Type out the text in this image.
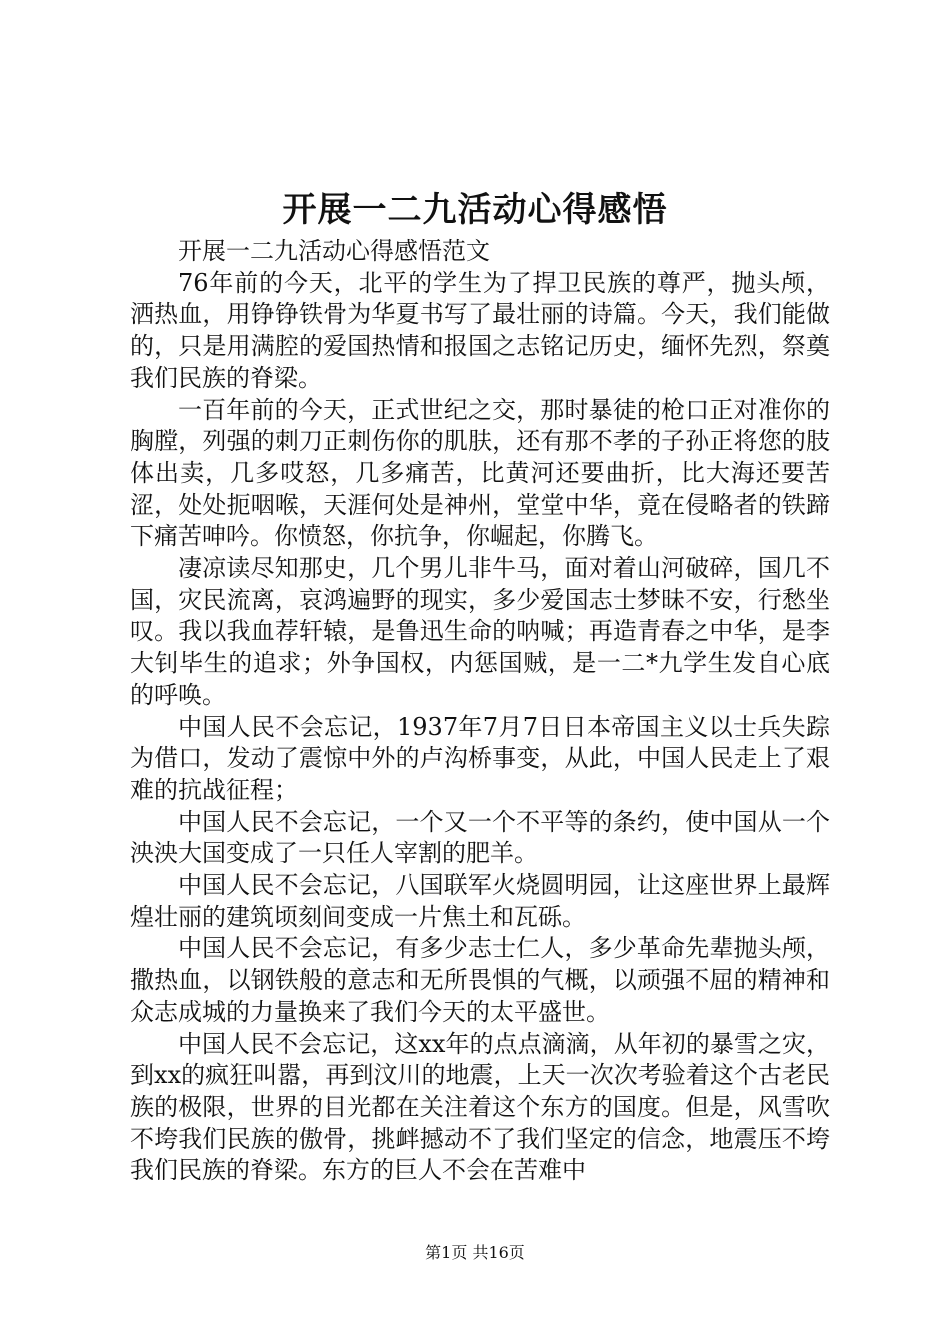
开展一二九活动心得感悟

开展一二九活动心得感悟范文

76年前的今天，北平的学生为了捍卫民族的尊严，抛头颅，洒热血，用铮铮铁骨为华夏书写了最壮丽的诗篇。今天，我们能做的，只是用满腔的爱国热情和报国之志铭记历史，缅怀先烈，祭奠我们民族的脊梁。

一百年前的今天，正式世纪之交，那时暴徒的枪口正对准你的胸膛，列强的刺刀正刺伤你的肌肤，还有那不孝的子孙正将您的肢体出卖，几多哎怒，几多痛苦，比黄河还要曲折，比大海还要苦涩，处处扼咽喉，天涯何处是神州，堂堂中华，竟在侵略者的铁蹄下痛苦呻吟。你愤怒，你抗争，你崛起，你腾飞。

凄凉读尽知那史，几个男儿非牛马，面对着山河破碎，国几不国，灾民流离，哀鸿遍野的现实，多少爱国志士梦昧不安，行愁坐叹。我以我血荐轩辕，是鲁迅生命的呐喊；再造青春之中华，是李大钊毕生的追求；外争国权，内惩国贼，是一二*九学生发自心底的呼唤。

中国人民不会忘记，1937年7月7日日本帝国主义以士兵失踪为借口，发动了震惊中外的卢沟桥事变，从此，中国人民走上了艰难的抗战征程；

中国人民不会忘记，一个又一个不平等的条约，使中国从一个泱泱大国变成了一只任人宰割的肥羊。

中国人民不会忘记，八国联军火烧圆明园，让这座世界上最辉煌壮丽的建筑顷刻间变成一片焦土和瓦砾。

中国人民不会忘记，有多少志士仁人，多少革命先辈抛头颅，撒热血，以钢铁般的意志和无所畏惧的气概，以顽强不屈的精神和众志成城的力量换来了我们今天的太平盛世。

中国人民不会忘记，这xx年的点点滴滴，从年初的暴雪之灾，到xx的疯狂叫嚣，再到汶川的地震，上天一次次考验着这个古老民族的极限，世界的目光都在关注着这个东方的国度。但是，风雪吹不垮我们民族的傲骨，挑衅撼动不了我们坚定的信念，地震压不垮我们民族的脊梁。东方的巨人不会在苦难中

第1页 共16页
